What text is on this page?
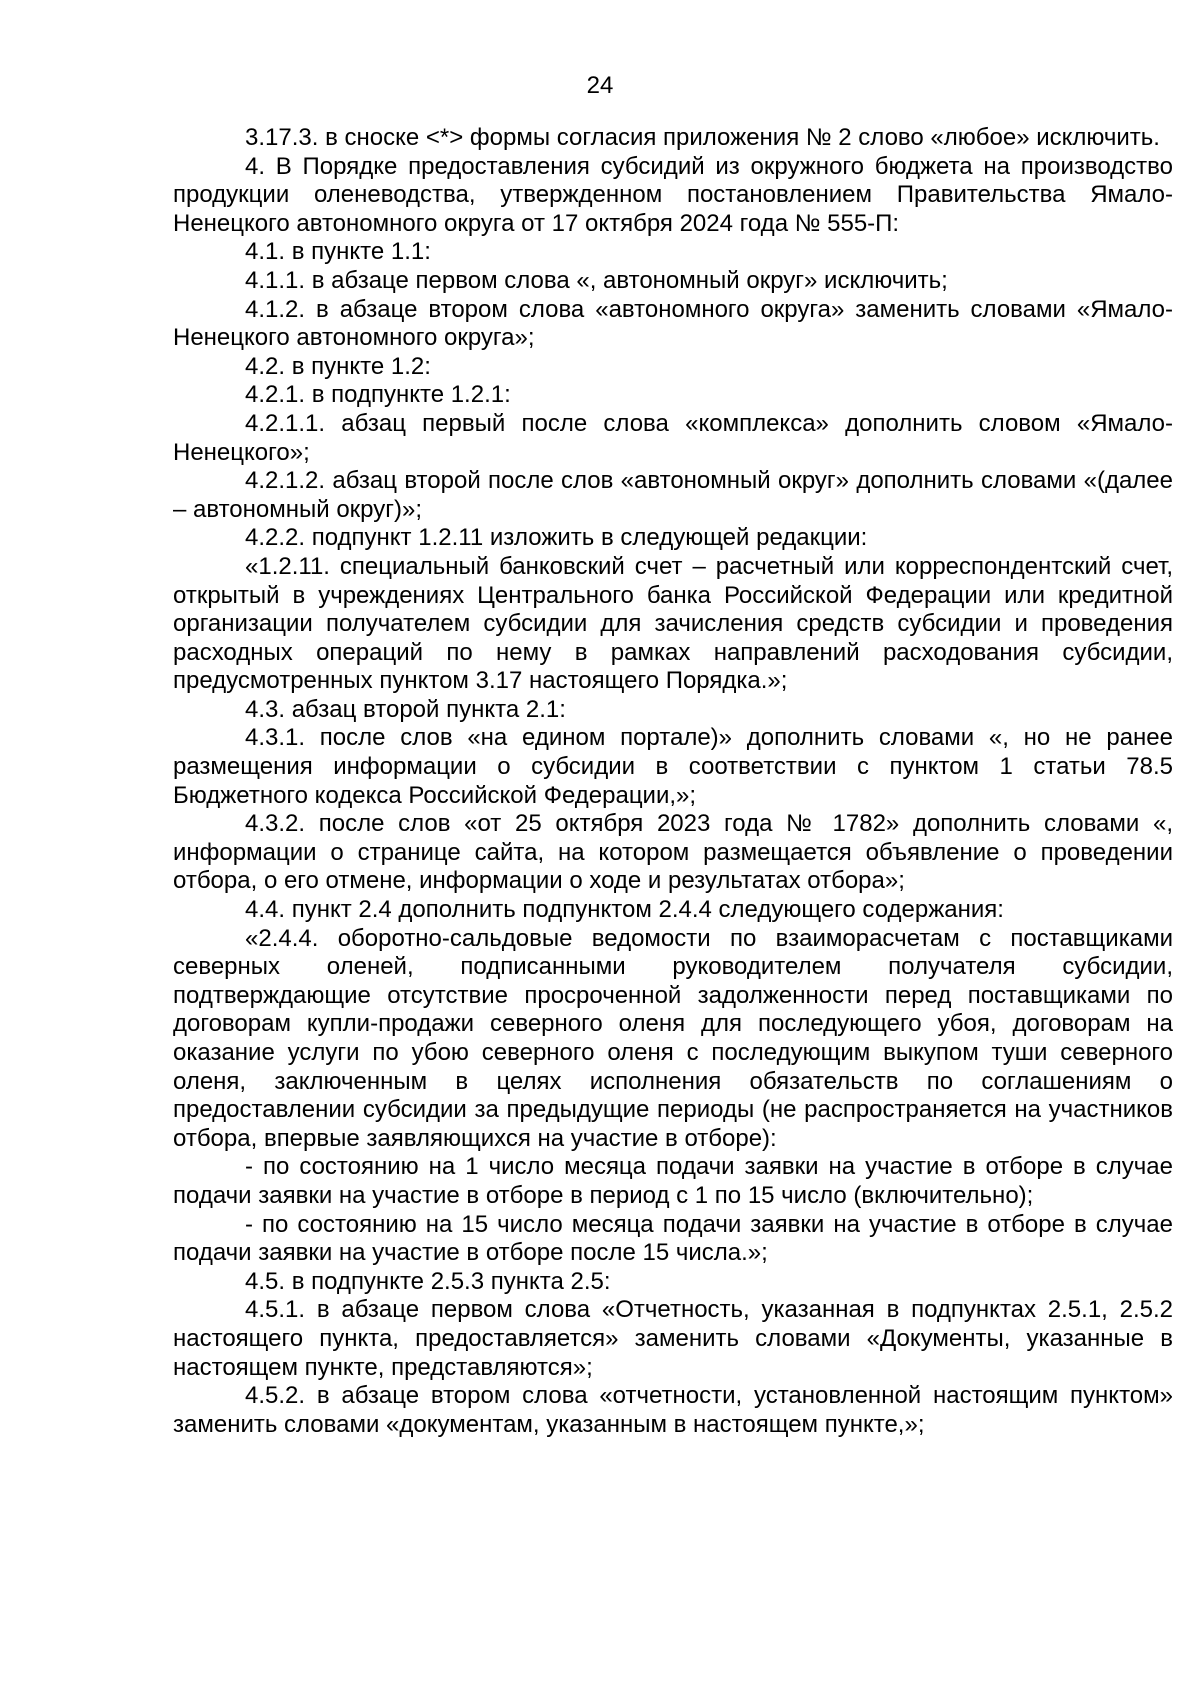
24

3.17.3. в сноске <*> формы согласия приложения № 2 слово «любое» исключить.

4. В Порядке предоставления субсидий из окружного бюджета на производство продукции оленеводства, утвержденном постановлением Правительства Ямало-Ненецкого автономного округа от 17 октября 2024 года № 555-П:

4.1. в пункте 1.1:

4.1.1. в абзаце первом слова «, автономный округ» исключить;

4.1.2. в абзаце втором слова «автономного округа» заменить словами «Ямало-Ненецкого автономного округа»;

4.2. в пункте 1.2:

4.2.1. в подпункте 1.2.1:

4.2.1.1. абзац первый после слова «комплекса» дополнить словом «Ямало-Ненецкого»;

4.2.1.2. абзац второй после слов «автономный округ» дополнить словами «(далее – автономный округ)»;

4.2.2. подпункт 1.2.11 изложить в следующей редакции:

«1.2.11. специальный банковский счет – расчетный или корреспондентский счет, открытый в учреждениях Центрального банка Российской Федерации или кредитной организации получателем субсидии для зачисления средств субсидии и проведения расходных операций по нему в рамках направлений расходования субсидии, предусмотренных пунктом 3.17 настоящего Порядка.»;

4.3. абзац второй пункта 2.1:

4.3.1. после слов «на едином портале)» дополнить словами «, но не ранее размещения информации о субсидии в соответствии с пунктом 1 статьи 78.5 Бюджетного кодекса Российской Федерации,»;

4.3.2. после слов «от 25 октября 2023 года № 1782» дополнить словами «, информации о странице сайта, на котором размещается объявление о проведении отбора, о его отмене, информации о ходе и результатах отбора»;

4.4. пункт 2.4 дополнить подпунктом 2.4.4 следующего содержания:

«2.4.4. оборотно-сальдовые ведомости по взаиморасчетам с поставщиками северных оленей, подписанными руководителем получателя субсидии, подтверждающие отсутствие просроченной задолженности перед поставщиками по договорам купли-продажи северного оленя для последующего убоя, договорам на оказание услуги по убою северного оленя с последующим выкупом туши северного оленя, заключенным в целях исполнения обязательств по соглашениям о предоставлении субсидии за предыдущие периоды (не распространяется на участников отбора, впервые заявляющихся на участие в отборе):

- по состоянию на 1 число месяца подачи заявки на участие в отборе в случае подачи заявки на участие в отборе в период с 1 по 15 число (включительно);

- по состоянию на 15 число месяца подачи заявки на участие в отборе в случае подачи заявки на участие в отборе после 15 числа.»;

4.5. в подпункте 2.5.3 пункта 2.5:

4.5.1. в абзаце первом слова «Отчетность, указанная в подпунктах 2.5.1, 2.5.2 настоящего пункта, предоставляется» заменить словами «Документы, указанные в настоящем пункте, представляются»;

4.5.2. в абзаце втором слова «отчетности, установленной настоящим пунктом» заменить словами «документам, указанным в настоящем пункте,»;
